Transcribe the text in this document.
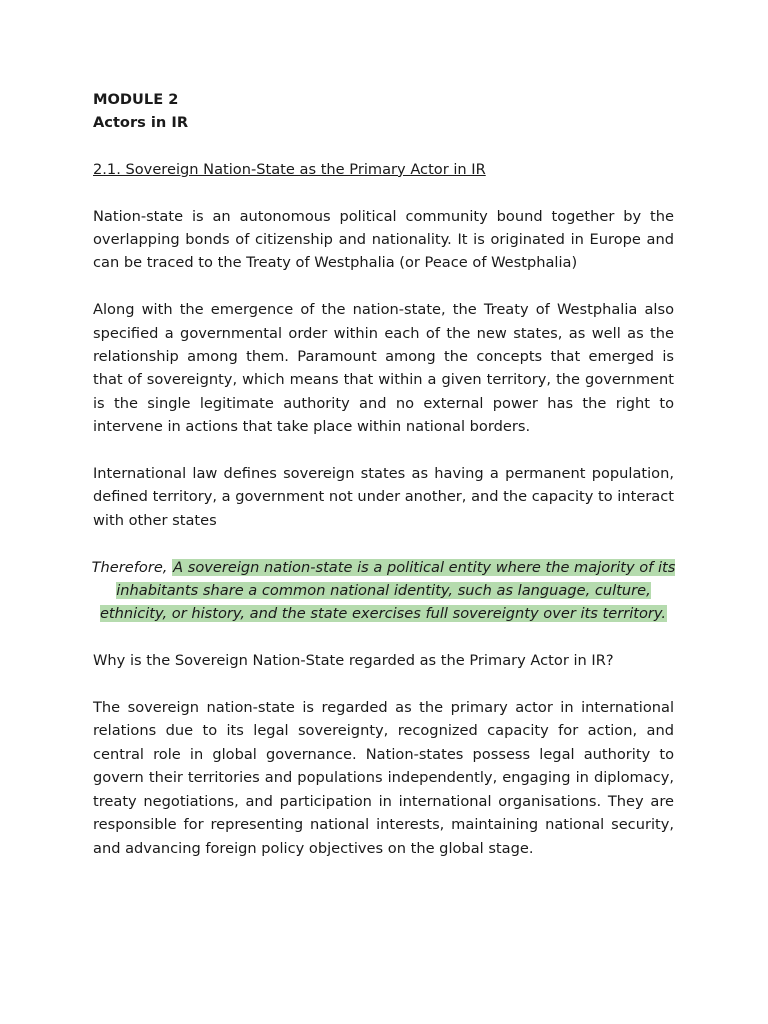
MODULE 2
Actors in IR
2.1. Sovereign Nation-State as the Primary Actor in IR

Nation-state is an autonomous political community bound together by the overlapping bonds of citizenship and nationality. It is originated in Europe and can be traced to the Treaty of Westphalia (or Peace of Westphalia)

Along with the emergence of the nation-state, the Treaty of Westphalia also specified a governmental order within each of the new states, as well as the relationship among them. Paramount among the concepts that emerged is that of sovereignty, which means that within a given territory, the government is the single legitimate authority and no external power has the right to intervene in actions that take place within national borders.

International law defines sovereign states as having a permanent population, defined territory, a government not under another, and the capacity to interact with other states

Therefore, A sovereign nation-state is a political entity where the majority of its inhabitants share a common national identity, such as language, culture, ethnicity, or history, and the state exercises full sovereignty over its territory.

Why is the Sovereign Nation-State regarded as the Primary Actor in IR?

The sovereign nation-state is regarded as the primary actor in international relations due to its legal sovereignty, recognized capacity for action, and central role in global governance. Nation-states possess legal authority to govern their territories and populations independently, engaging in diplomacy, treaty negotiations, and participation in international organisations. They are responsible for representing national interests, maintaining national security, and advancing foreign policy objectives on the global stage.
